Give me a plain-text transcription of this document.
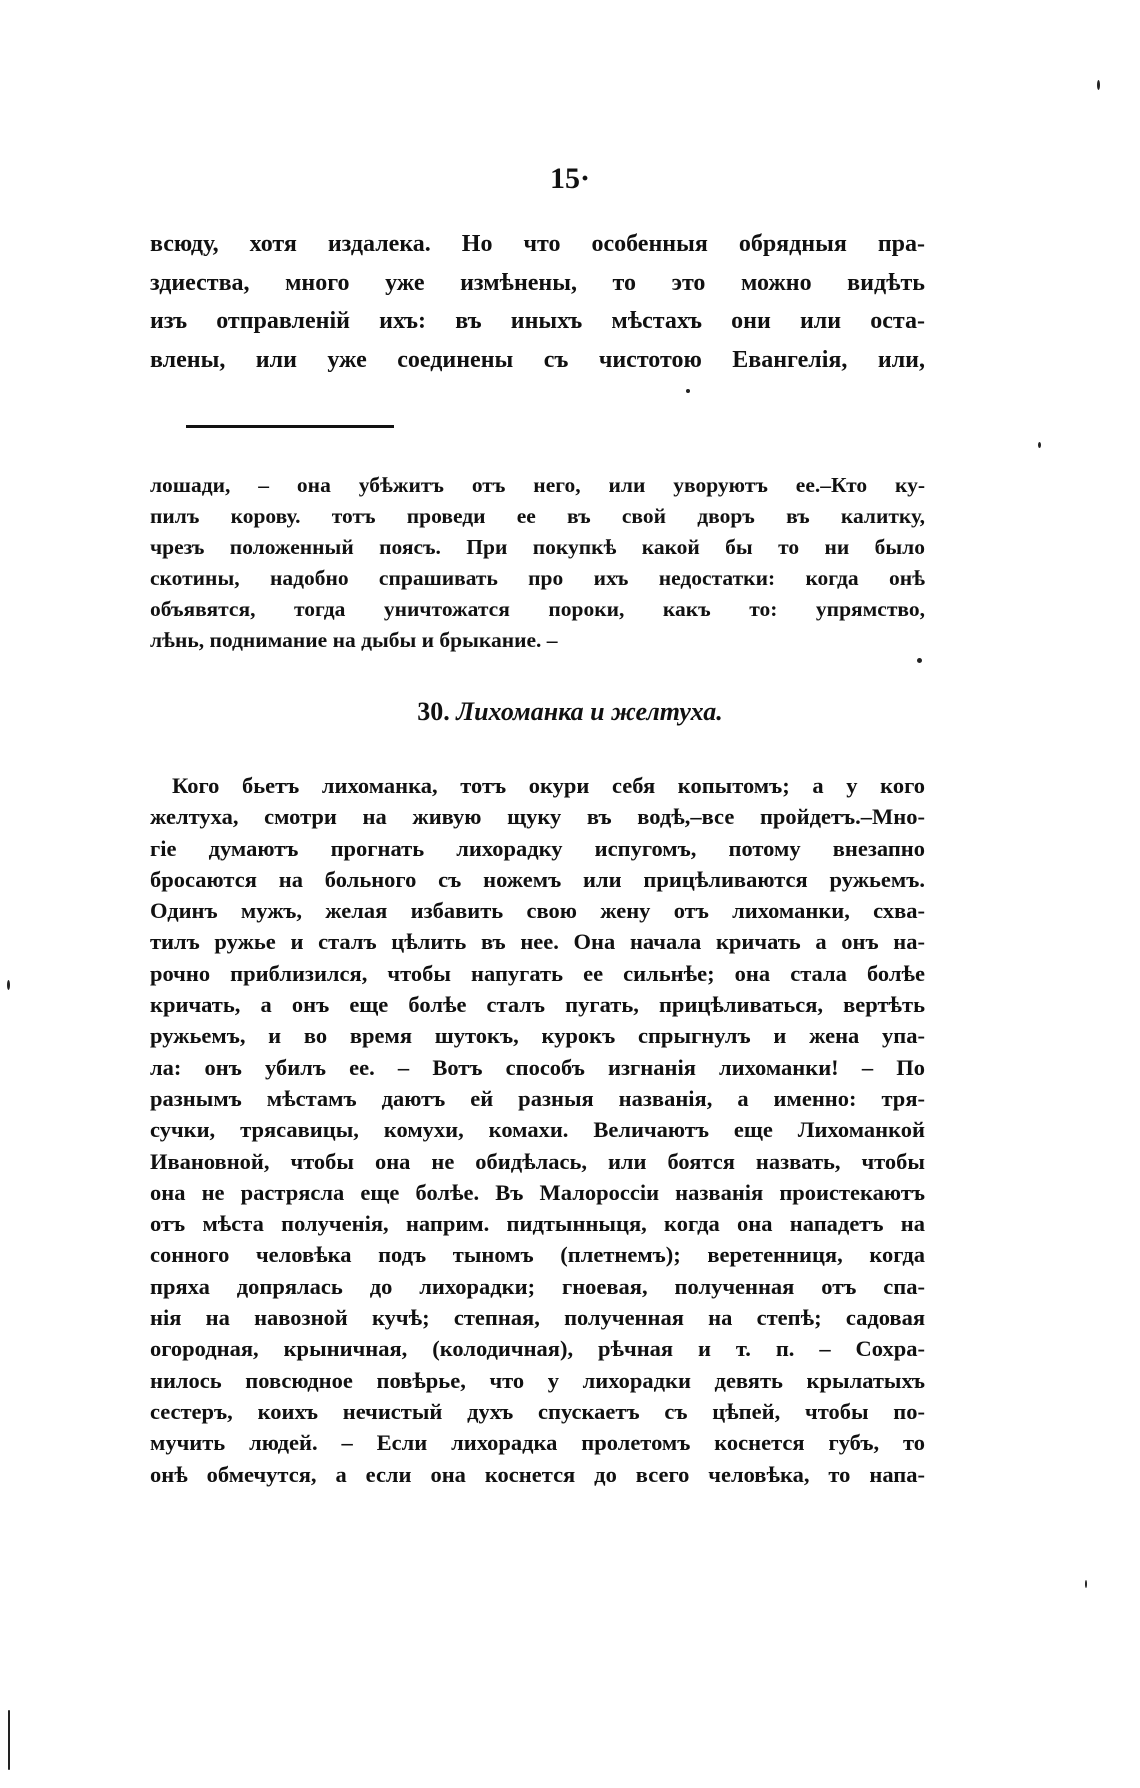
15·
всюду, хотя издалека. Но что особенныя обрядныя пра-
здиества, много уже измѣнены, то это можно видѣть
изъ отправленій ихъ: въ иныхъ мѣстахъ они или оста-
влены, или уже соединены съ чистотою Евангелія, или,
лошади, – она убѣжитъ отъ него, или уворуютъ ее.–Кто ку-
пилъ корову. тотъ проведи ее въ свой дворъ въ калитку,
чрезъ положенный поясъ. При покупкѣ какой бы то ни было
скотины, надобно спрашивать про ихъ недостатки: когда онѣ
объявятся, тогда уничтожатся пороки, какъ то: упрямство,
лѣнь, поднимание на дыбы и брыкание. –
30. Лихоманка и желтуха.
Кого бьетъ лихоманка, тотъ окури себя копытомъ; а у кого
желтуха, смотри на живую щуку въ водѣ,–все пройдетъ.–Мно-
гіе думаютъ прогнать лихорадку испугомъ, потому внезапно
бросаются на больного съ ножемъ или прицѣливаются ружьемъ.
Одинъ мужъ, желая избавить свою жену отъ лихоманки, схва-
тилъ ружье и сталъ цѣлить въ нее. Она начала кричать а онъ на-
рочно приблизился, чтобы напугать ее сильнѣе; она стала болѣе
кричать, а онъ еще болѣе сталъ пугать, прицѣливаться, вертѣть
ружьемъ, и во время шутокъ, курокъ спрыгнулъ и жена упа-
ла: онъ убилъ ее. – Вотъ способъ изгнанія лихоманки! – По
разнымъ мѣстамъ даютъ ей разныя названія, а именно: тря-
сучки, трясавицы, комухи, комахи. Величаютъ еще Лихоманкой
Ивановной, чтобы она не обидѣлась, или боятся назвать, чтобы
она не растрясла еще болѣе. Въ Малороссіи названія проистекаютъ
отъ мѣста полученія, наприм. пидтынныця, когда она нападетъ на
сонного человѣка подъ тыномъ (плетнемъ); веретенниця, когда
пряха допрялась до лихорадки; гноевая, полученная отъ спа-
нія на навозной кучѣ; степная, полученная на степѣ; садовая
огородная, крыничная, (колодичная), рѣчная и т. п. – Сохра-
нилось повсюдное повѣрье, что у лихорадки девять крылатыхъ
сестеръ, коихъ нечистый духъ спускаетъ съ цѣпей, чтобы по-
мучить людей. – Если лихорадка пролетомъ коснется губъ, то
онѣ обмечутся, а если она коснется до всего человѣка, то напа-
